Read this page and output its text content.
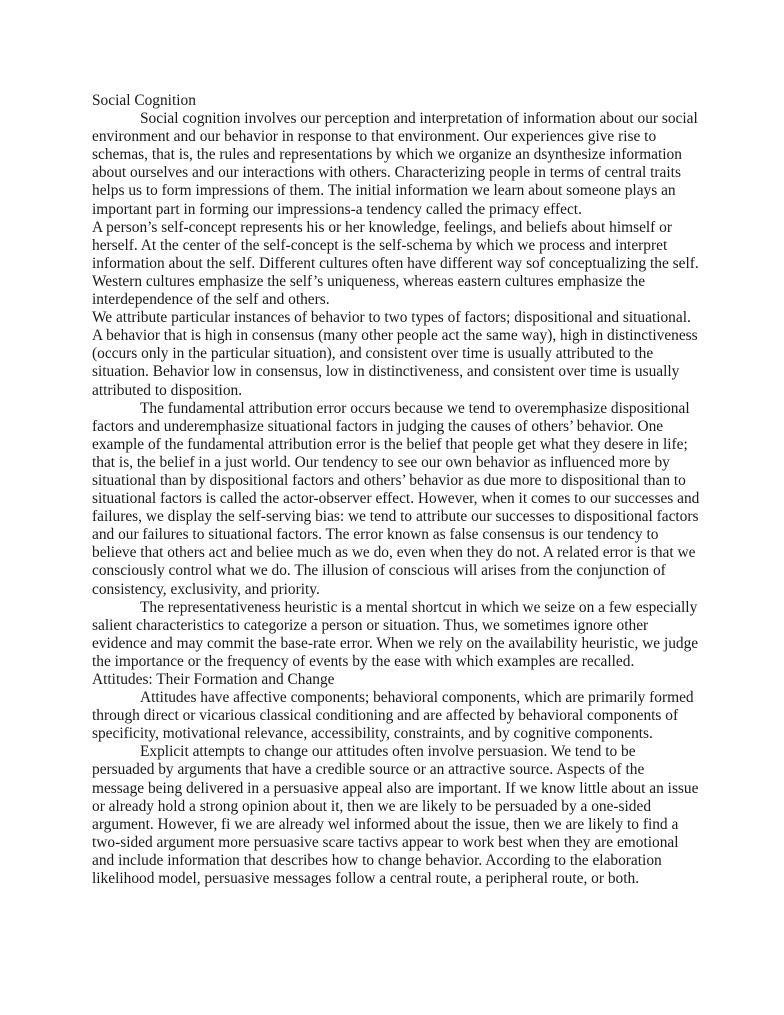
Social Cognition

Social cognition involves our perception and interpretation of information about our social environment and our behavior in response to that environment. Our experiences give rise to schemas, that is, the rules and representations by which we organize an dsynthesize information about ourselves and our interactions with others. Characterizing people in terms of central traits helps us to form impressions of them. The initial information we learn about someone plays an important part in forming our impressions-a tendency called the primacy effect.

A person’s self-concept represents his or her knowledge, feelings, and beliefs about himself or herself. At the center of the self-concept is the self-schema by which we process and interpret information about the self. Different cultures often have different way sof conceptualizing the self. Western cultures emphasize the self’s uniqueness, whereas eastern cultures emphasize the interdependence of the self and others.

We attribute particular instances of behavior to two types of factors; dispositional and situational. A behavior that is high in consensus (many other people act the same way), high in distinctiveness (occurs only in the particular situation), and consistent over time is usually attributed to the situation. Behavior low in consensus, low in distinctiveness, and consistent over time is usually attributed to disposition.

The fundamental attribution error occurs because we tend to overemphasize dispositional factors and underemphasize situational factors in judging the causes of others’ behavior. One example of the fundamental attribution error is the belief that people get what they desere in life; that is, the belief in a just world. Our tendency to see our own behavior as influenced more by situational than by dispositional factors and others’ behavior as due more to dispositional than to situational factors is called the actor-observer effect. However, when it comes to our successes and failures, we display the self-serving bias: we tend to attribute our successes to dispositional factors and our failures to situational factors. The error known as false consensus is our tendency to believe that others act and beliee much as we do, even when they do not. A related error is that we consciously control what we do. The illusion of conscious will arises from the conjunction of consistency, exclusivity, and priority.

The representativeness heuristic is a mental shortcut in which we seize on a few especially salient characteristics to categorize a person or situation. Thus, we sometimes ignore other evidence and may commit the base-rate error. When we rely on the availability heuristic, we judge the importance or the frequency of events by the ease with which examples are recalled.

Attitudes: Their Formation and Change

Attitudes have affective components; behavioral components, which are primarily formed through direct or vicarious classical conditioning and are affected by behavioral components of specificity, motivational relevance, accessibility, constraints, and by cognitive components.

Explicit attempts to change our attitudes often involve persuasion. We tend to be persuaded by arguments that have a credible source or an attractive source. Aspects of the message being delivered in a persuasive appeal also are important. If we know little about an issue or already hold a strong opinion about it, then we are likely to be persuaded by a one-sided argument. However, fi we are already wel informed about the issue, then we are likely to find a two-sided argument more persuasive scare tactivs appear to work best when they are emotional and include information that describes how to change behavior. According to the elaboration likelihood model, persuasive messages follow a central route, a peripheral route, or both.
